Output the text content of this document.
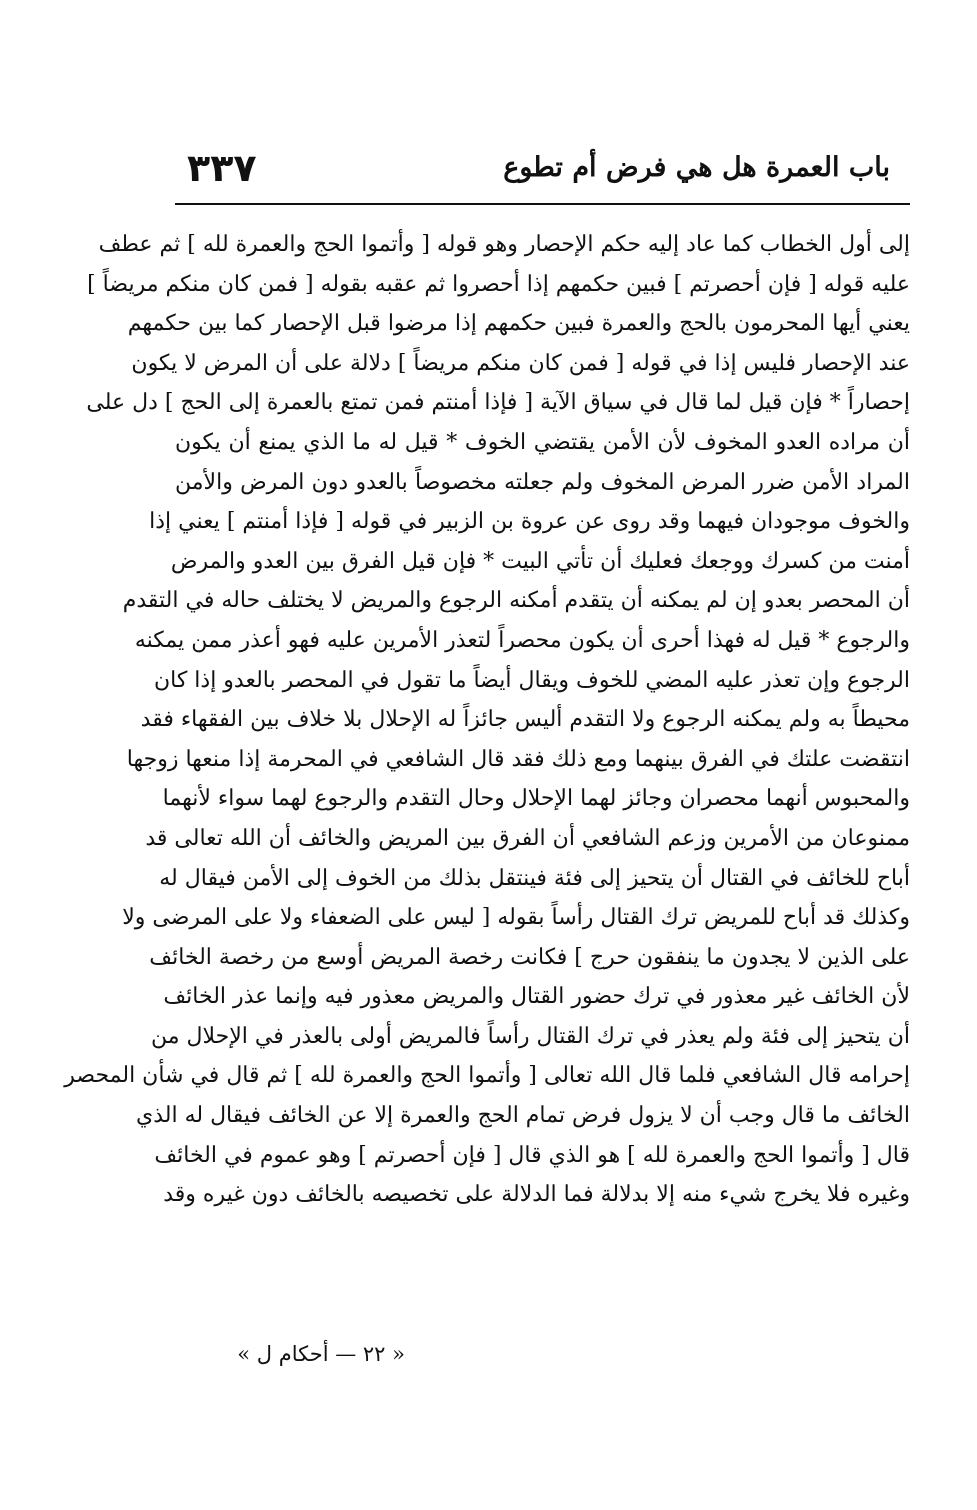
٣٣٧	باب العمرة هل هي فرض أم تطوع
إلى أول الخطاب كما عاد إليه حكم الإحصار وهو قوله [ وأتموا الحج والعمرة لله ] ثم عطف
عليه قوله [ فإن أحصرتم ] فبين حكمهم إذا أحصروا ثم عقبه بقوله [ فمن كان منكم مريضاً ]
يعني أيها المحرمون بالحج والعمرة فبين حكمهم إذا مرضوا قبل الإحصار كما بين حكمهم
عند الإحصار فليس إذا في قوله [ فمن كان منكم مريضاً ] دلالة على أن المرض لا يكون
إحصاراً * فإن قيل لما قال في سياق الآية [ فإذا أمنتم فمن تمتع بالعمرة إلى الحج ] دل على
أن مراده العدو المخوف لأن الأمن يقتضي الخوف * قيل له ما الذي يمنع أن يكون
المراد الأمن ضرر المرض المخوف ولم جعلته مخصوصاً بالعدو دون المرض والأمن
والخوف موجودان فيهما وقد روى عن عروة بن الزبير في قوله [ فإذا أمنتم ] يعني إذا
أمنت من كسرك ووجعك فعليك أن تأتي البيت * فإن قيل الفرق بين العدو والمرض
أن المحصر بعدو إن لم يمكنه أن يتقدم أمكنه الرجوع والمريض لا يختلف حاله في التقدم
والرجوع * قيل له فهذا أحرى أن يكون محصراً لتعذر الأمرين عليه فهو أعذر ممن يمكنه
الرجوع وإن تعذر عليه المضي للخوف ويقال أيضاً ما تقول في المحصر بالعدو إذا كان
محيطاً به ولم يمكنه الرجوع ولا التقدم أليس جائزاً له الإحلال بلا خلاف بين الفقهاء فقد
انتقضت علتك في الفرق بينهما ومع ذلك فقد قال الشافعي في المحرمة إذا منعها زوجها
والمحبوس أنهما محصران وجائز لهما الإحلال وحال التقدم والرجوع لهما سواء لأنهما
ممنوعان من الأمرين وزعم الشافعي أن الفرق بين المريض والخائف أن الله تعالى قد
أباح للخائف في القتال أن يتحيز إلى فئة فينتقل بذلك من الخوف إلى الأمن فيقال له
وكذلك قد أباح للمريض ترك القتال رأساً بقوله [ ليس على الضعفاء ولا على المرضى ولا
على الذين لا يجدون ما ينفقون حرج ] فكانت رخصة المريض أوسع من رخصة الخائف
لأن الخائف غير معذور في ترك حضور القتال والمريض معذور فيه وإنما عذر الخائف
أن يتحيز إلى فئة ولم يعذر في ترك القتال رأساً فالمريض أولى بالعذر في الإحلال من
إحرامه قال الشافعي فلما قال الله تعالى [ وأتموا الحج والعمرة لله ] ثم قال في شأن المحصر
الخائف ما قال وجب أن لا يزول فرض تمام الحج والعمرة إلا عن الخائف فيقال له الذي
قال [ وأتموا الحج والعمرة لله ] هو الذي قال [ فإن أحصرتم ] وهو عموم في الخائف
وغيره فلا يخرج شيء منه إلا بدلالة فما الدلالة على تخصيصه بالخائف دون غيره وقد
« ٢٢ — أحكام ل »
